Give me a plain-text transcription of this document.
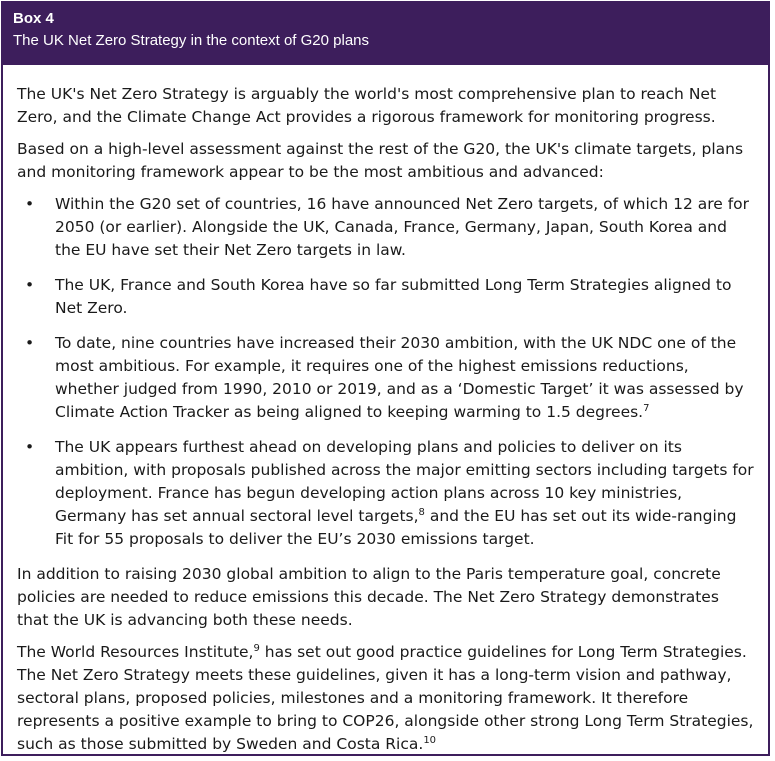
Box 4
The UK Net Zero Strategy in the context of G20 plans

The UK's Net Zero Strategy is arguably the world's most comprehensive plan to reach Net Zero, and the Climate Change Act provides a rigorous framework for monitoring progress.

Based on a high-level assessment against the rest of the G20, the UK's climate targets, plans and monitoring framework appear to be the most ambitious and advanced:

• Within the G20 set of countries, 16 have announced Net Zero targets, of which 12 are for 2050 (or earlier). Alongside the UK, Canada, France, Germany, Japan, South Korea and the EU have set their Net Zero targets in law.
• The UK, France and South Korea have so far submitted Long Term Strategies aligned to Net Zero.
• To date, nine countries have increased their 2030 ambition, with the UK NDC one of the most ambitious. For example, it requires one of the highest emissions reductions, whether judged from 1990, 2010 or 2019, and as a ‘Domestic Target’ it was assessed by Climate Action Tracker as being aligned to keeping warming to 1.5 degrees.$^7$
• The UK appears furthest ahead on developing plans and policies to deliver on its ambition, with proposals published across the major emitting sectors including targets for deployment. France has begun developing action plans across 10 key ministries, Germany has set annual sectoral level targets,$^8$ and the EU has set out its wide-ranging Fit for 55 proposals to deliver the EU’s 2030 emissions target.

In addition to raising 2030 global ambition to align to the Paris temperature goal, concrete policies are needed to reduce emissions this decade. The Net Zero Strategy demonstrates that the UK is advancing both these needs.

The World Resources Institute,$^9$ has set out good practice guidelines for Long Term Strategies. The Net Zero Strategy meets these guidelines, given it has a long-term vision and pathway, sectoral plans, proposed policies, milestones and a monitoring framework. It therefore represents a positive example to bring to COP26, alongside other strong Long Term Strategies, such as those submitted by Sweden and Costa Rica.$^{10}$
